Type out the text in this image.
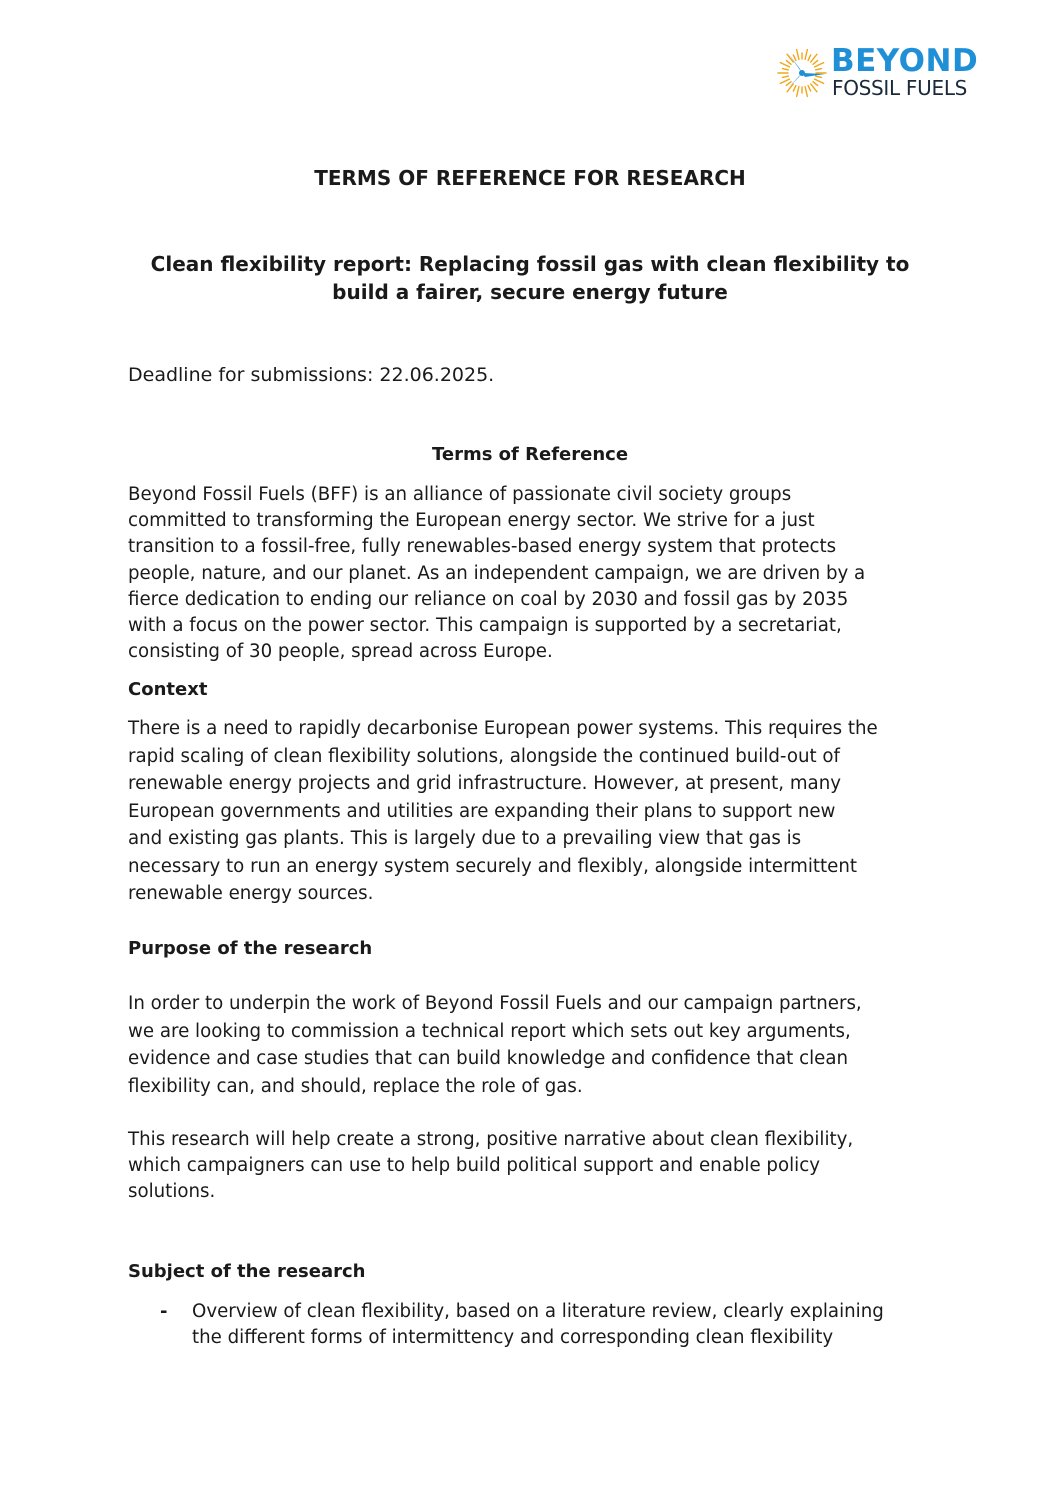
BEYOND
FOSSIL FUELS
TERMS OF REFERENCE FOR RESEARCH
Clean flexibility report: Replacing fossil gas with clean flexibility to
build a fairer, secure energy future
Deadline for submissions: 22.06.2025.
Terms of Reference
Beyond Fossil Fuels (BFF) is an alliance of passionate civil society groups
committed to transforming the European energy sector. We strive for a just
transition to a fossil-free, fully renewables-based energy system that protects
people, nature, and our planet. As an independent campaign, we are driven by a
fierce dedication to ending our reliance on coal by 2030 and fossil gas by 2035
with a focus on the power sector. This campaign is supported by a secretariat,
consisting of 30 people, spread across Europe.
Context
There is a need to rapidly decarbonise European power systems. This requires the
rapid scaling of clean flexibility solutions, alongside the continued build-out of
renewable energy projects and grid infrastructure. However, at present, many
European governments and utilities are expanding their plans to support new
and existing gas plants. This is largely due to a prevailing view that gas is
necessary to run an energy system securely and flexibly, alongside intermittent
renewable energy sources.
Purpose of the research
In order to underpin the work of Beyond Fossil Fuels and our campaign partners,
we are looking to commission a technical report which sets out key arguments,
evidence and case studies that can build knowledge and confidence that clean
flexibility can, and should, replace the role of gas.
This research will help create a strong, positive narrative about clean flexibility,
which campaigners can use to help build political support and enable policy
solutions.
Subject of the research
- Overview of clean flexibility, based on a literature review, clearly explaining
the different forms of intermittency and corresponding clean flexibility
